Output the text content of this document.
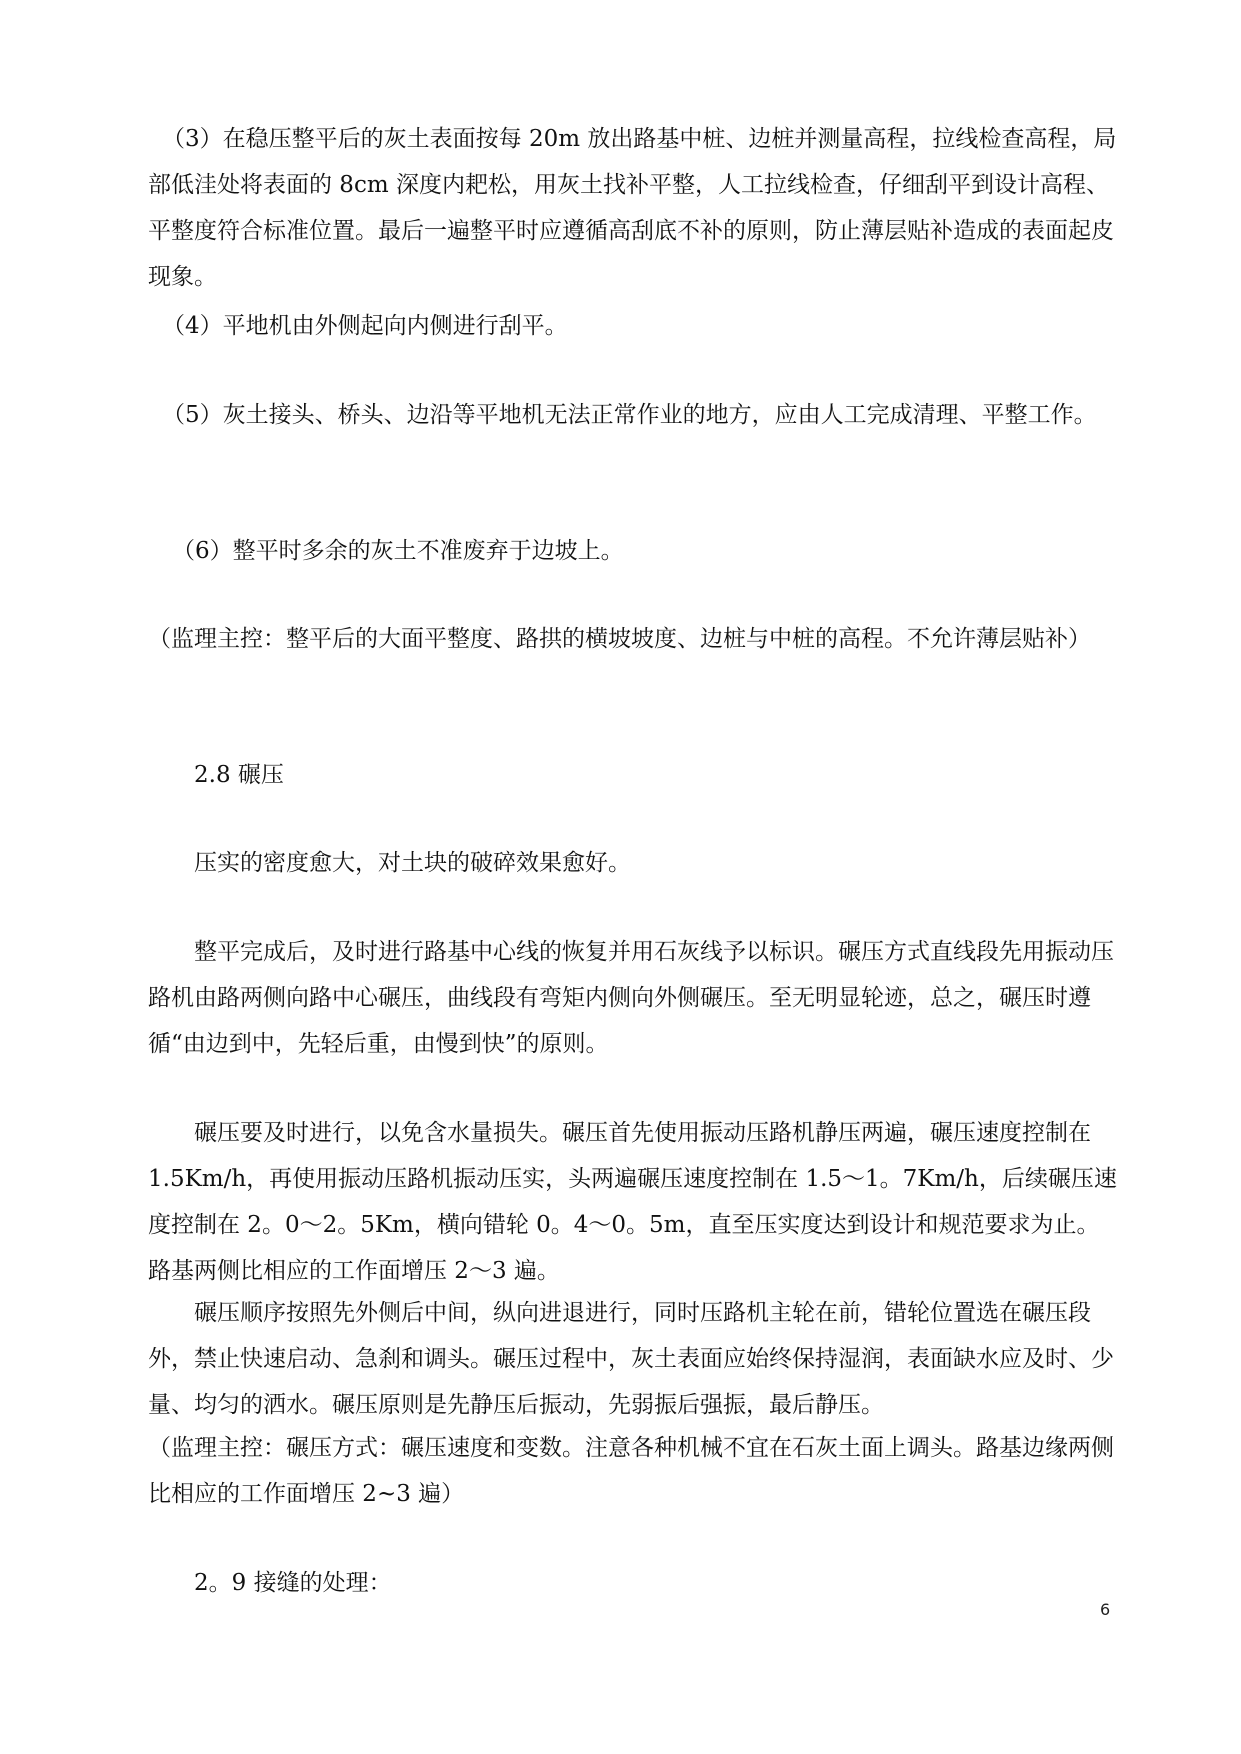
（3）在稳压整平后的灰土表面按每 20m 放出路基中桩、边桩并测量高程，拉线检查高程，局部低洼处将表面的 8cm 深度内耙松，用灰土找补平整，人工拉线检查，仔细刮平到设计高程、平整度符合标准位置。最后一遍整平时应遵循高刮底不补的原则，防止薄层贴补造成的表面起皮现象。

（4）平地机由外侧起向内侧进行刮平。

（5）灰土接头、桥头、边沿等平地机无法正常作业的地方，应由人工完成清理、平整工作。

（6）整平时多余的灰土不准废弃于边坡上。

（监理主控：整平后的大面平整度、路拱的横坡坡度、边桩与中桩的高程。不允许薄层贴补）

2.8 碾压

压实的密度愈大，对土块的破碎效果愈好。

整平完成后，及时进行路基中心线的恢复并用石灰线予以标识。碾压方式直线段先用振动压路机由路两侧向路中心碾压，曲线段有弯矩内侧向外侧碾压。至无明显轮迹，总之，碾压时遵循“由边到中，先轻后重，由慢到快”的原则。

碾压要及时进行，以免含水量损失。碾压首先使用振动压路机静压两遍，碾压速度控制在 1.5Km/h，再使用振动压路机振动压实，头两遍碾压速度控制在 1.5～1。7Km/h，后续碾压速度控制在 2。0～2。5Km，横向错轮 0。4～0。5m，直至压实度达到设计和规范要求为止。路基两侧比相应的工作面增压 2～3 遍。

碾压顺序按照先外侧后中间，纵向进退进行，同时压路机主轮在前，错轮位置选在碾压段外，禁止快速启动、急刹和调头。碾压过程中，灰土表面应始终保持湿润，表面缺水应及时、少量、均匀的洒水。碾压原则是先静压后振动，先弱振后强振，最后静压。

（监理主控：碾压方式：碾压速度和变数。注意各种机械不宜在石灰土面上调头。路基边缘两侧比相应的工作面增压 2~3 遍）

2。9 接缝的处理：

6
